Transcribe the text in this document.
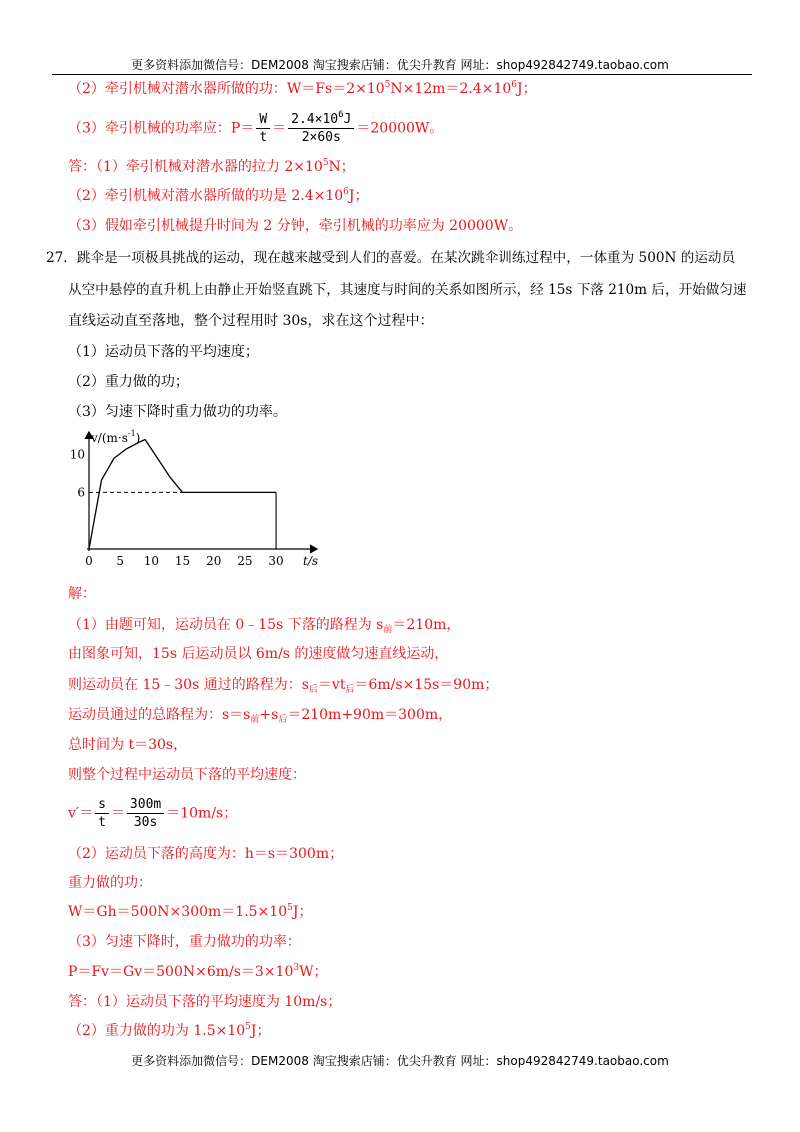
更多资料添加微信号：DEM2008 淘宝搜索店铺：优尖升教育 网址：shop492842749.taobao.com
（2）牵引机械对潜水器所做的功：$W=Fs=2\times 10^5N\times 12m=2.4\times 10^6J$；
（3）牵引机械的功率应：$P= \frac{W}{t} = \frac{2.4\times 10^6J}{2\times 60s} =20000W$。
答：（1）牵引机械对潜水器的拉力 $2\times 10^5N$；
（2）牵引机械对潜水器所做的功是 $2.4\times 10^6J$；
（3）假如牵引机械提升时间为 2 分钟，牵引机械的功率应为 20000W。
27．跳伞是一项极具挑战的运动，现在越来越受到人们的喜爱。在某次跳伞训练过程中，一体重为 500N 的运动员
从空中悬停的直升机上由静止开始竖直跳下，其速度与时间的关系如图所示，经 15s 下落 210m 后，开始做匀速
直线运动直至落地，整个过程用时 30s，求在这个过程中：
（1）运动员下落的平均速度；
（2）重力做的功；
（3）匀速下降时重力做功的功率。
$v/(m\cdot s^{-1})$
t/s
0 5 10 15 20 25 30
6
10
解：
（1）由题可知，运动员在 0﹣15s 下落的路程为 $s_前=210m$，
由图象可知，15s 后运动员以 6m/s 的速度做匀速直线运动，
则运动员在 15﹣30s 通过的路程为：$s_后=vt_后=6m/s\times 15s=90m$；
运动员通过的总路程为：$s=s_前+s_后=210m+90m=300m$，
总时间为 t＝30s，
则整个过程中运动员下落的平均速度：
$v'= \frac{s}{t} = \frac{300m}{30s} =10m/s$；
（2）运动员下落的高度为：h＝s＝300m；
重力做的功：
$W=Gh=500N\times 300m=1.5\times 10^5J$；
（3）匀速下降时，重力做功的功率：
$P=Fv=Gv=500N\times 6m/s=3\times 10^3W$；
答：（1）运动员下落的平均速度为 10m/s；
（2）重力做的功为 $1.5\times 10^5J$；
更多资料添加微信号：DEM2008 淘宝搜索店铺：优尖升教育 网址：shop492842749.taobao.com
